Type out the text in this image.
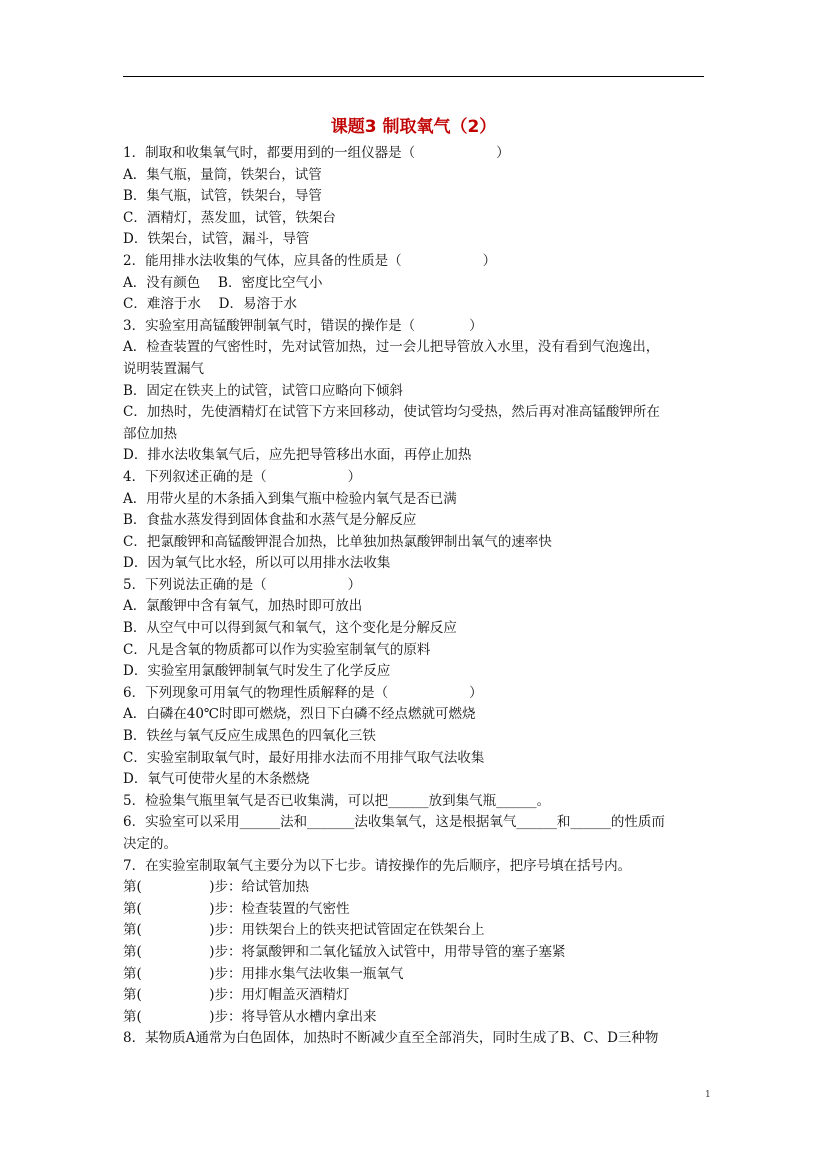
课题3 制取氧气（2）
1．制取和收集氧气时，都要用到的一组仪器是（　　　　　　）
A．集气瓶，量筒，铁架台，试管
B．集气瓶，试管，铁架台，导管
C．酒精灯，蒸发皿，试管，铁架台
D．铁架台，试管，漏斗，导管
2．能用排水法收集的气体，应具备的性质是（　　　　　　）
A．没有颜色　 B．密度比空气小
C．难溶于水　 D．易溶于水
3．实验室用高锰酸钾制氧气时，错误的操作是（　　　　）
A．检查装置的气密性时，先对试管加热，过一会儿把导管放入水里，没有看到气泡逸出，
说明装置漏气
B．固定在铁夹上的试管，试管口应略向下倾斜
C．加热时，先使酒精灯在试管下方来回移动，使试管均匀受热，然后再对准高锰酸钾所在
部位加热
D．排水法收集氧气后，应先把导管移出水面，再停止加热
4．下列叙述正确的是（　　　　　　）
A．用带火星的木条插入到集气瓶中检验内氧气是否已满
B．食盐水蒸发得到固体食盐和水蒸气是分解反应
C．把氯酸钾和高锰酸钾混合加热，比单独加热氯酸钾制出氧气的速率快
D．因为氧气比水轻，所以可以用排水法收集
5．下列说法正确的是（　　　　　　）
A．氯酸钾中含有氧气，加热时即可放出
B．从空气中可以得到氮气和氧气，这个变化是分解反应
C．凡是含氧的物质都可以作为实验室制氧气的原料
D．实验室用氯酸钾制氧气时发生了化学反应
6．下列现象可用氧气的物理性质解释的是（　　　　　　）
A．白磷在40℃时即可燃烧，烈日下白磷不经点燃就可燃烧
B．铁丝与氧气反应生成黑色的四氧化三铁
C．实验室制取氧气时，最好用排水法而不用排气取气法收集
D．氧气可使带火星的木条燃烧
5．检验集气瓶里氧气是否已收集满，可以把______放到集气瓶______。
6．实验室可以采用______法和_______法收集氧气，这是根据氧气______和______的性质而
决定的。
7．在实验室制取氧气主要分为以下七步。请按操作的先后顺序，把序号填在括号内。
第(　　　　　)步：给试管加热
第(　　　　　)步：检查装置的气密性
第(　　　　　)步：用铁架台上的铁夹把试管固定在铁架台上
第(　　　　　)步：将氯酸钾和二氧化锰放入试管中，用带导管的塞子塞紧
第(　　　　　)步：用排水集气法收集一瓶氧气
第(　　　　　)步：用灯帽盖灭酒精灯
第(　　　　　)步：将导管从水槽内拿出来
8．某物质A通常为白色固体，加热时不断减少直至全部消失，同时生成了B、C、D三种物
1
